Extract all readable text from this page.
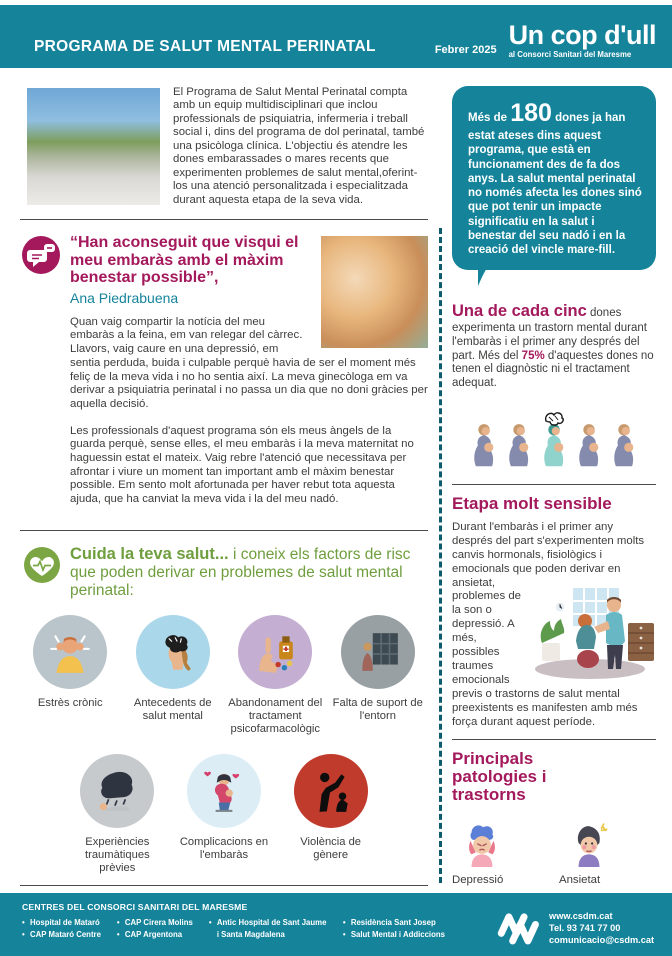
PROGRAMA DE SALUT MENTAL PERINATAL	Febrer 2025 Un cop d'ull
al Consorci Sanitari del Maresme
El Programa de Salut Mental Perinatal compta amb un equip multidisciplinari que inclou professionals de psiquiatria, infermeria i treball social i, dins del programa de dol perinatal, també una psicòloga clínica. L'objectiu és atendre les dones embarassades o mares recents que experimenten problemes de salut mental,oferint-los una atenció personalitzada i especialitzada durant aquesta etapa de la seva vida.
“Han aconseguit que visqui el meu embaràs amb el màxim benestar possible”,
Ana Piedrabuena

Quan vaig compartir la notícia del meu embaràs a la feina, em van relegar del càrrec. Llavors, vaig caure en una depressió, em sentia perduda, buida i culpable perquè havia de ser el moment més feliç de la meva vida i no ho sentia així. La meva ginecòloga em va derivar a psiquiatria perinatal i no passa un dia que no doni gràcies per aquella decisió.

Les professionals d'aquest programa són els meus àngels de la guarda perquè, sense elles, el meu embaràs i la meva maternitat no haguessin estat el mateix. Vaig rebre l'atenció que necessitava per afrontar i viure un moment tan important amb el màxim benestar possible. Em sento molt afortunada per haver rebut tota aquesta ajuda, que ha canviat la meva vida i la del meu nadó.

Cuida la teva salut... i coneix els factors de risc que poden derivar en problemes de salut mental perinatal:
Estrès crònic	Antecedents de salut mental
Abandonament del tractament psicofarmacològic
Falta de suport de l'entorn
Experiències traumàtiques prèvies
Complicacions en l'embaràs
Violència de gènere
Més de 180 dones ja han estat ateses dins aquest programa, que està en funcionament des de fa dos anys. La salut mental perinatal no només afecta les dones sinó que pot tenir un impacte significatiu en la salut i benestar del seu nadó i en la creació del vincle mare-fill.
Una de cada cinc dones experimenta un trastorn mental durant l'embaràs i el primer any després del part. Més del 75% d'aquestes dones no tenen el diagnòstic ni el tractament adequat.
Etapa molt sensible
Durant l'embaràs i el primer any després del part s'experimenten molts canvis hormonals, fisiològics i emocionals que poden derivar
en ansietat, problemes de la son o depressió. A més, possibles traumes emocionals previs o trastorns de salut mental preexistents es manifesten amb més força durant aquest període.
Principals patologies i trastorns
Depressió	Ansietat
CENTRES DEL CONSORCI SANITARI DEL MARESME
• Hospital de Mataró
• CAP Mataró Centre
• CAP Cirera Molins
• CAP Argentona
• Antic Hospital de Sant Jaume i Santa Magdalena
• Residència Sant Josep
• Salut Mental i Addiccions
www.csdm.cat
Tel. 93 741 77 00
comunicacio@csdm.cat
